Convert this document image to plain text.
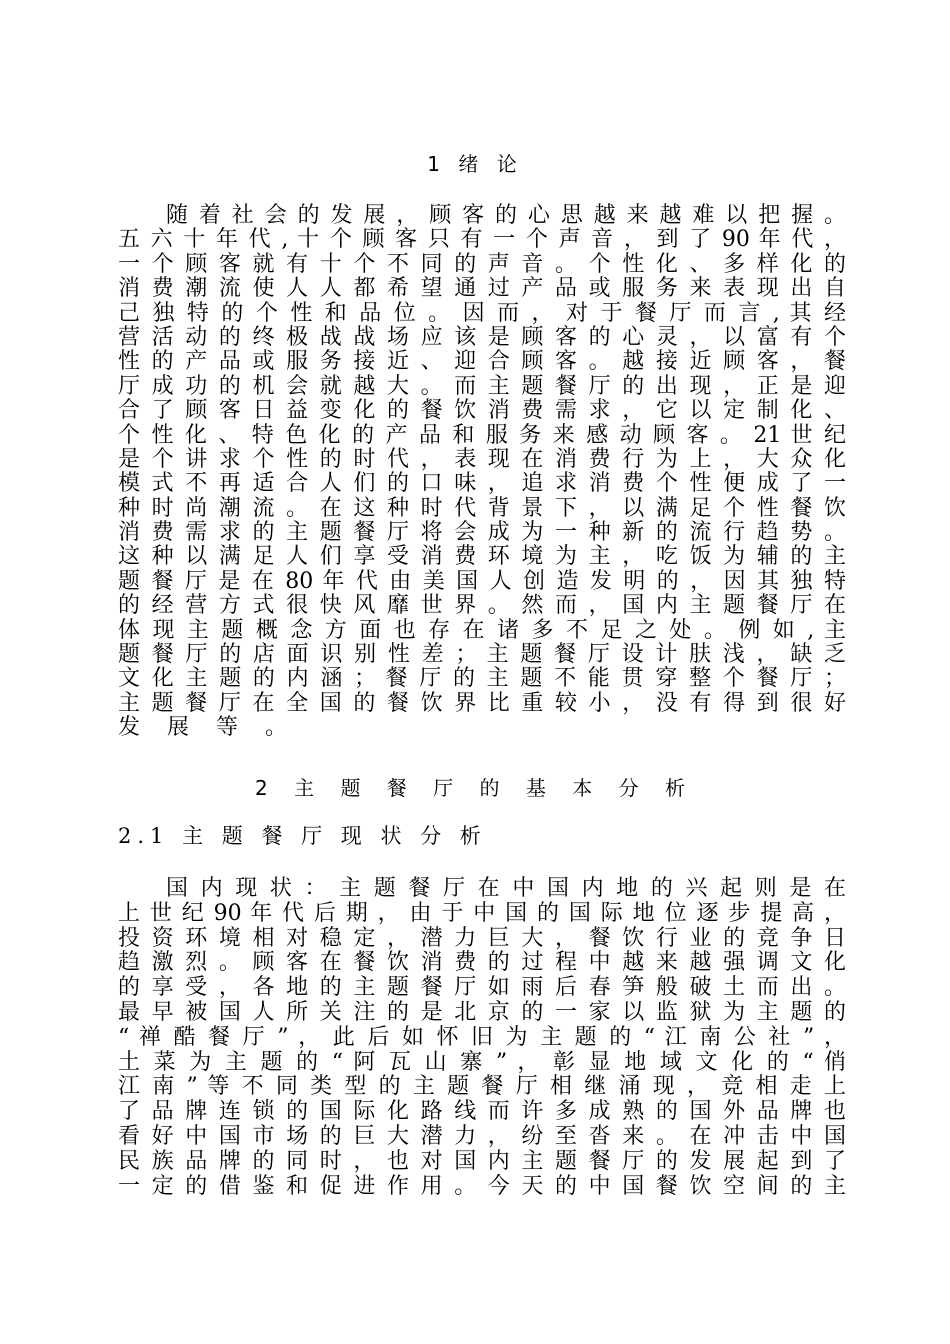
1 绪 论
随 着 社 会 的 发 展 ， 顾 客 的 心 思 越 来 越 难 以 把 握 。
五 六 十 年 代 , 十 个 顾 客 只 有 一 个 声 音 ， 到 了 90 年 代 ，
一 个 顾 客 就 有 十 个 不 同 的 声 音 。 个 性 化 、 多 样 化 的
消 费 潮 流 使 人 人 都 希 望 通 过 产 品 或 服 务 来 表 现 出 自
己 独 特 的 个 性 和 品 位 。 因 而 ， 对 于 餐 厅 而 言 , 其 经
营 活 动 的 终 极 战 战 场 应 该 是 顾 客 的 心 灵 ， 以 富 有 个
性 的 产 品 或 服 务 接 近 、 迎 合 顾 客 。 越 接 近 顾 客 ， 餐
厅 成 功 的 机 会 就 越 大 。 而 主 题 餐 厅 的 出 现 ， 正 是 迎
合 了 顾 客 日 益 变 化 的 餐 饮 消 费 需 求 ， 它 以 定 制 化 、
个 性 化 、 特 色 化 的 产 品 和 服 务 来 感 动 顾 客 。 21 世 纪
是 个 讲 求 个 性 的 时 代 ， 表 现 在 消 费 行 为 上 ， 大 众 化
模 式 不 再 适 合 人 们 的 口 味 ， 追 求 消 费 个 性 便 成 了 一
种 时 尚 潮 流 。 在 这 种 时 代 背 景 下 ， 以 满 足 个 性 餐 饮
消 费 需 求 的 主 题 餐 厅 将 会 成 为 一 种 新 的 流 行 趋 势 。
这 种 以 满 足 人 们 享 受 消 费 环 境 为 主 ， 吃 饭 为 辅 的 主
题 餐 厅 是 在 80 年 代 由 美 国 人 创 造 发 明 的 ， 因 其 独 特
的 经 营 方 式 很 快 风 靡 世 界 。 然 而 ， 国 内 主 题 餐 厅 在
体 现 主 题 概 念 方 面 也 存 在 诸 多 不 足 之 处 。 例 如 , 主
题 餐 厅 的 店 面 识 别 性 差 ； 主 题 餐 厅 设 计 肤 浅 ， 缺 乏
文 化 主 题 的 内 涵 ； 餐 厅 的 主 题 不 能 贯 穿 整 个 餐 厅 ；
主 题 餐 厅 在 全 国 的 餐 饮 界 比 重 较 小 ， 没 有 得 到 很 好
发 展 等 。
2 主 题 餐 厅 的 基 本 分 析
2.1 主 题 餐 厅 现 状 分 析
国 内 现 状 ： 主 题 餐 厅 在 中 国 内 地 的 兴 起 则 是 在
上 世 纪 90 年 代 后 期 ， 由 于 中 国 的 国 际 地 位 逐 步 提 高 ，
投 资 环 境 相 对 稳 定 ， 潜 力 巨 大 ， 餐 饮 行 业 的 竞 争 日
趋 激 烈 。 顾 客 在 餐 饮 消 费 的 过 程 中 越 来 越 强 调 文 化
的 享 受 ， 各 地 的 主 题 餐 厅 如 雨 后 春 笋 般 破 土 而 出 。
最 早 被 国 人 所 关 注 的 是 北 京 的 一 家 以 监 狱 为 主 题 的
“ 禅 酷 餐 厅 ” ， 此 后 如 怀 旧 为 主 题 的 “ 江 南 公 社 ” ，
土 菜 为 主 题 的 “ 阿 瓦 山 寨 ” ， 彰 显 地 域 文 化 的 “ 俏
江 南 ” 等 不 同 类 型 的 主 题 餐 厅 相 继 涌 现 ， 竞 相 走 上
了 品 牌 连 锁 的 国 际 化 路 线 而 许 多 成 熟 的 国 外 品 牌 也
看 好 中 国 市 场 的 巨 大 潜 力 ， 纷 至 沓 来 。 在 冲 击 中 国
民 族 品 牌 的 同 时 ， 也 对 国 内 主 题 餐 厅 的 发 展 起 到 了
一 定 的 借 鉴 和 促 进 作 用 。 今 天 的 中 国 餐 饮 空 间 的 主
